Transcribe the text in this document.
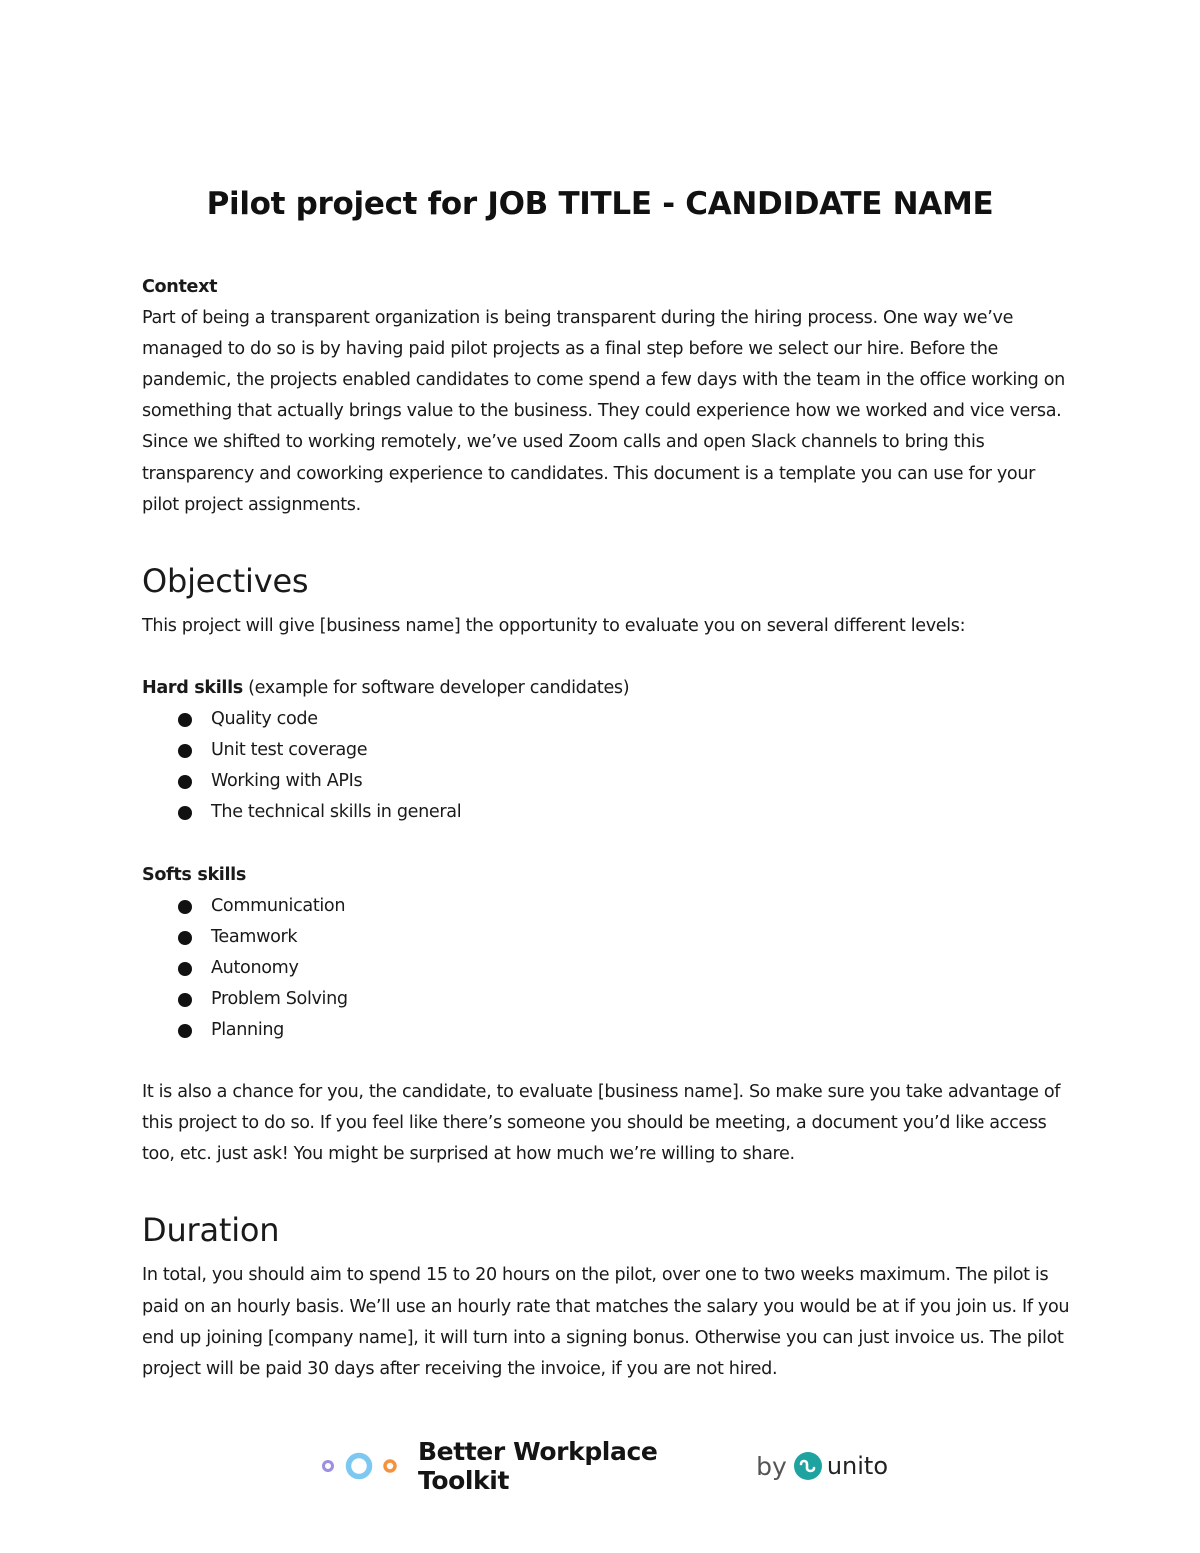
Pilot project for JOB TITLE - CANDIDATE NAME

Context

Part of being a transparent organization is being transparent during the hiring process. One way we’ve managed to do so is by having paid pilot projects as a final step before we select our hire. Before the pandemic, the projects enabled candidates to come spend a few days with the team in the office working on something that actually brings value to the business. They could experience how we worked and vice versa. Since we shifted to working remotely, we’ve used Zoom calls and open Slack channels to bring this transparency and coworking experience to candidates. This document is a template you can use for your pilot project assignments.

Objectives

This project will give [business name] the opportunity to evaluate you on several different levels:

Hard skills (example for software developer candidates)

Quality code
Unit test coverage
Working with APIs
The technical skills in general

Softs skills

Communication
Teamwork
Autonomy
Problem Solving
Planning

It is also a chance for you, the candidate, to evaluate [business name]. So make sure you take advantage of this project to do so. If you feel like there’s someone you should be meeting, a document you’d like access too, etc. just ask! You might be surprised at how much we’re willing to share.

Duration

In total, you should aim to spend 15 to 20 hours on the pilot, over one to two weeks maximum. The pilot is paid on an hourly basis. We’ll use an hourly rate that matches the salary you would be at if you join us. If you end up joining [company name], it will turn into a signing bonus. Otherwise you can just invoice us. The pilot project will be paid 30 days after receiving the invoice, if you are not hired.

Better Workplace Toolkit	by unito
